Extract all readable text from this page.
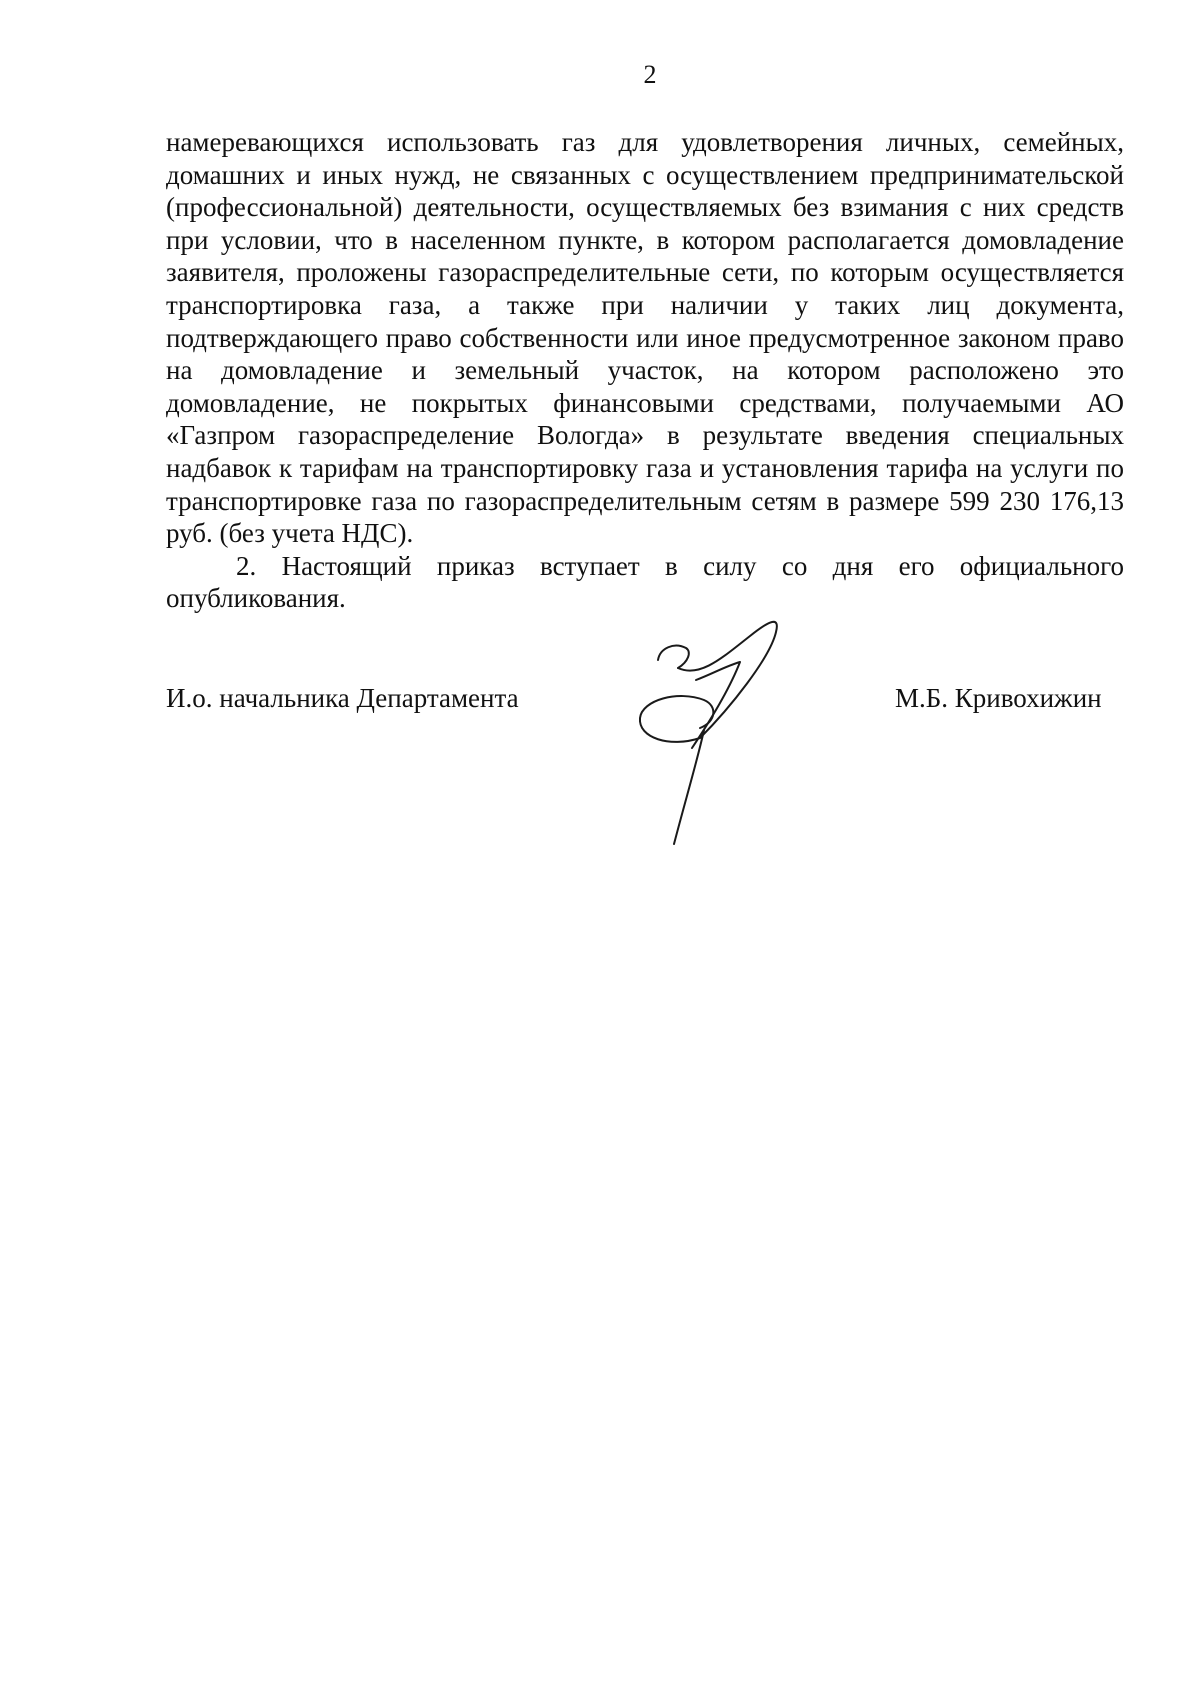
2

намеревающихся использовать газ для удовлетворения личных, семейных, домашних и иных нужд, не связанных с осуществлением предпринимательской (профессиональной) деятельности, осуществляемых без взимания с них средств при условии, что в населенном пункте, в котором располагается домовладение заявителя, проложены газораспределительные сети, по которым осуществляется транспортировка газа, а также при наличии у таких лиц документа, подтверждающего право собственности или иное предусмотренное законом право на домовладение и земельный участок, на котором расположено это домовладение, не покрытых финансовыми средствами, получаемыми АО «Газпром газораспределение Вологда» в результате введения специальных надбавок к тарифам на транспортировку газа и установления тарифа на услуги по транспортировке газа по газораспределительным сетям в размере 599 230 176,13 руб. (без учета НДС).

2. Настоящий приказ вступает в силу со дня его официального опубликования.

И.о. начальника Департамента	М.Б. Кривохижин
